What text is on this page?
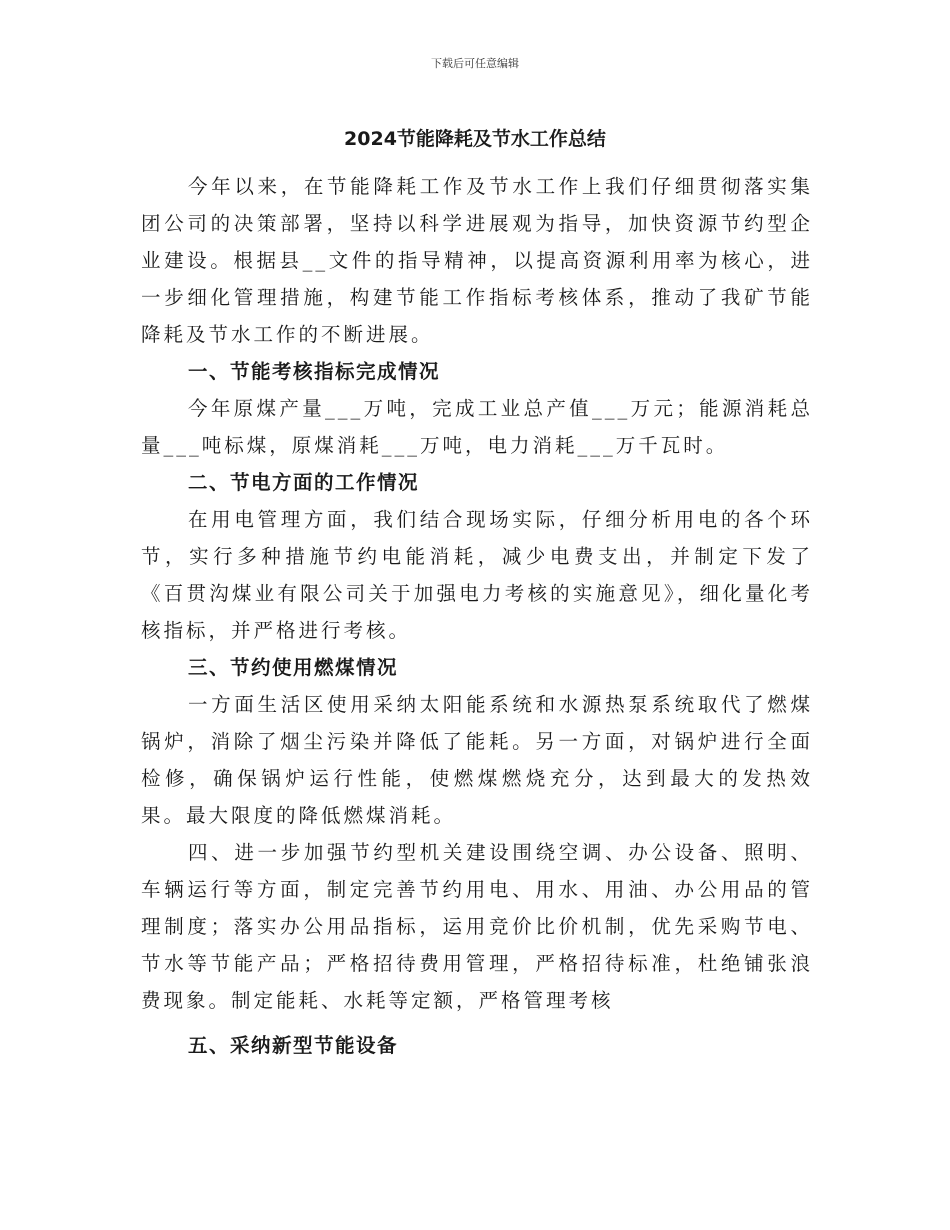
下载后可任意编辑
2024节能降耗及节水工作总结

今年以来，在节能降耗工作及节水工作上我们仔细贯彻落实集团公司的决策部署，坚持以科学进展观为指导，加快资源节约型企业建设。根据县__文件的指导精神，以提高资源利用率为核心，进一步细化管理措施，构建节能工作指标考核体系，推动了我矿节能降耗及节水工作的不断进展。

一、节能考核指标完成情况

今年原煤产量___万吨，完成工业总产值___万元；能源消耗总量___吨标煤，原煤消耗___万吨，电力消耗___万千瓦时。

二、节电方面的工作情况

在用电管理方面，我们结合现场实际，仔细分析用电的各个环节，实行多种措施节约电能消耗，减少电费支出，并制定下发了《百贯沟煤业有限公司关于加强电力考核的实施意见》，细化量化考核指标，并严格进行考核。

三、节约使用燃煤情况

一方面生活区使用采纳太阳能系统和水源热泵系统取代了燃煤锅炉，消除了烟尘污染并降低了能耗。另一方面，对锅炉进行全面检修，确保锅炉运行性能，使燃煤燃烧充分，达到最大的发热效果。最大限度的降低燃煤消耗。

四、进一步加强节约型机关建设围绕空调、办公设备、照明、车辆运行等方面，制定完善节约用电、用水、用油、办公用品的管理制度；落实办公用品指标，运用竞价比价机制，优先采购节电、节水等节能产品；严格招待费用管理，严格招待标准，杜绝铺张浪费现象。制定能耗、水耗等定额，严格管理考核

五、采纳新型节能设备
